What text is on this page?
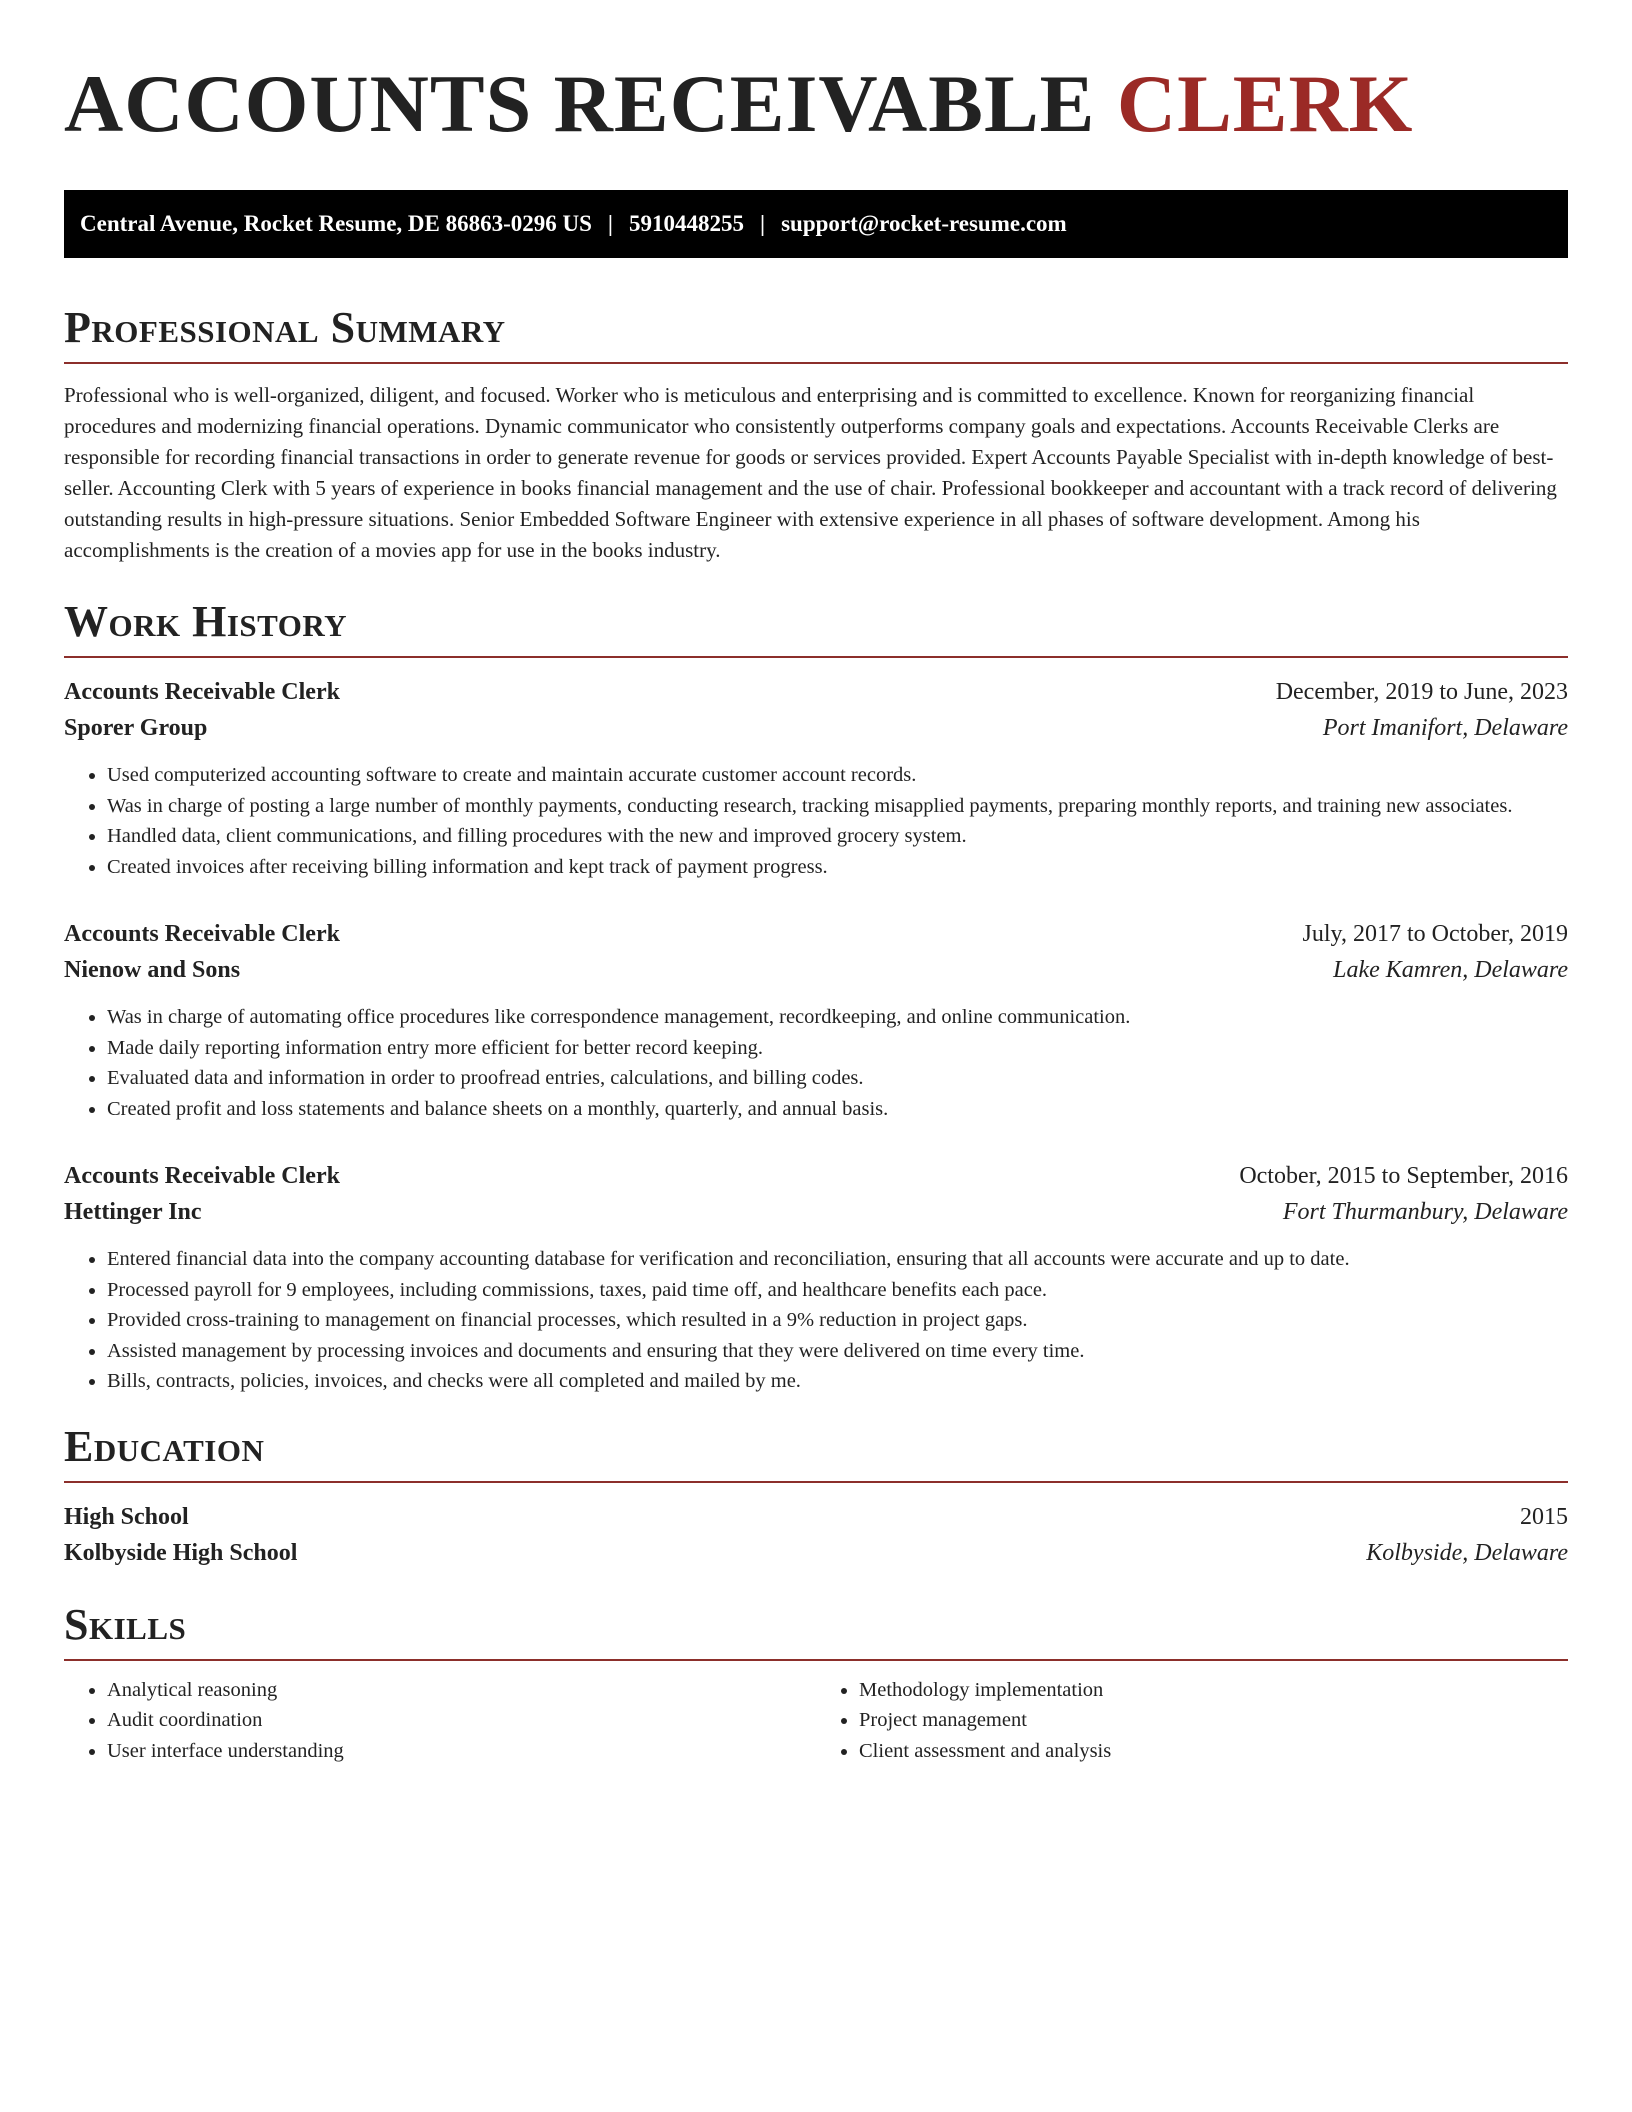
ACCOUNTS RECEIVABLE CLERK
Central Avenue, Rocket Resume, DE 86863-0296 US | 5910448255 | support@rocket-resume.com
Professional Summary

Professional who is well-organized, diligent, and focused. Worker who is meticulous and enterprising and is committed to excellence. Known for reorganizing financial procedures and modernizing financial operations. Dynamic communicator who consistently outperforms company goals and expectations. Accounts Receivable Clerks are responsible for recording financial transactions in order to generate revenue for goods or services provided. Expert Accounts Payable Specialist with in-depth knowledge of best-seller. Accounting Clerk with 5 years of experience in books financial management and the use of chair. Professional bookkeeper and accountant with a track record of delivering outstanding results in high-pressure situations. Senior Embedded Software Engineer with extensive experience in all phases of software development. Among his accomplishments is the creation of a movies app for use in the books industry.

Work History
Accounts Receivable Clerk	December, 2019 to June, 2023
Sporer Group	Port Imanifort, Delaware
• Used computerized accounting software to create and maintain accurate customer account records.
• Was in charge of posting a large number of monthly payments, conducting research, tracking misapplied payments, preparing monthly reports, and training new associates.
• Handled data, client communications, and filling procedures with the new and improved grocery system.
• Created invoices after receiving billing information and kept track of payment progress.
Accounts Receivable Clerk	July, 2017 to October, 2019
Nienow and Sons	Lake Kamren, Delaware
• Was in charge of automating office procedures like correspondence management, recordkeeping, and online communication.
• Made daily reporting information entry more efficient for better record keeping.
• Evaluated data and information in order to proofread entries, calculations, and billing codes.
• Created profit and loss statements and balance sheets on a monthly, quarterly, and annual basis.
Accounts Receivable Clerk	October, 2015 to September, 2016
Hettinger Inc	Fort Thurmanbury, Delaware
• Entered financial data into the company accounting database for verification and reconciliation, ensuring that all accounts were accurate and up to date.
• Processed payroll for 9 employees, including commissions, taxes, paid time off, and healthcare benefits each pace.
• Provided cross-training to management on financial processes, which resulted in a 9% reduction in project gaps.
• Assisted management by processing invoices and documents and ensuring that they were delivered on time every time.
• Bills, contracts, policies, invoices, and checks were all completed and mailed by me.
Education
High School	2015
Kolbyside High School	Kolbyside, Delaware
Skills
• Analytical reasoning
• Audit coordination
• User interface understanding
• Methodology implementation
• Project management
• Client assessment and analysis
